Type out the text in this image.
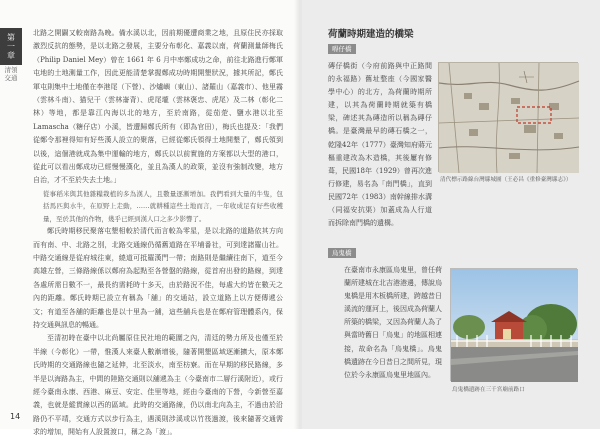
第
一
章
清領交通

北路之開闢又較南路為晚。備水溪以北，因前期優遭商業之地，且原住民亦採取激烈反抗的態勢，是以北路之發展，主要分布彰化、嘉義以南，荷蘭測量師梅氏（Philip Daniel Mey）曾在 1661 年 6 月中率鄭成功之命，前往北路進行鄭軍屯地的土地測量工作，因此更能清楚掌握鄭成功時期開墾狀況，據其所記，鄭氏軍屯則集中土地僅在李港尾（下營）、沙爐嶼（東山）、諸羅山（嘉義市）、他里霧（雲林斗南）、猫兒干（雲林崙背）、虎尾壠（雲林褒忠、虎尾）及二林（彰化二林）等地，都是靠江內海以北的地方，至於南路，從茄萣、鹽水港以北至 Lamascha（糖仔店）小溪，皆遭歸鄭氏所有（即為官田），梅氏也提及：「我們從鄭令那裡得知有好些漢人設立的聚落，已經從鄭氏領得土地開墾了，鄭氏領到以後，這個港就成為集中運輸的地方，鄭氏以以前實施的方案都以大型的港口，從此可以看出鄭成功已經慢慢漢化，並且為漢人的政策，並沒有強制改變，地方自治，才不至於失去土地。」

從事稻米與其他雜糧栽植的多為漢人，且數量逐漸增加。我們看到大量的牛隻，包括馬匹與水牛，在原野上走動，……就耕種這些土地而言，一年收成足有好些收穫量，至於其他的作物，幾乎已經到漢人口之多少影響了。

鄭氏時期移民聚落屯墾相較於清代而言較為零星，是以北路的道路依其方向而有南、中、北路之別，北路交通線仍循舊道路在平埔番社，可到達諸羅山社。中路交通線是從府城往東，繞道可抵羅漢門一帶；南路則是繼續往南下，道至今高雄左營，三條路線係以鄭府為起點至各營盤的路線，從首府出發的路線，到達各處所需日數不一，最長約需耗時十多天，由於路況不佳，每處大約皆在數天之內的距離。鄭氏時期已設立有稱為「舖」的交通站，設立道路上以方便傳遞公文；有道至各舖的距離也是以十里為一舖，這些舖兵也是在鄭府管理體系內，保持交通與訊息的暢通。

至清初時在臺中以北尚屬原住民社地的範圍之內，清廷的勢力所及也僅至於半線（今彰化）一帶，惟漢人來臺人數漸增後，隨著開墾區域逐漸擴大，原本鄭氏時期的交通路線也隨之延伸，北至淡水，南至枋寮。而在早期的移民路線，多半是以海路為主，中間的陸路交通則以舖遞為主（今臺南市二層行溪附近），或行經今臺南永康、西港、麻豆、安定、佳里等地，經由今臺南的下營，今新營至嘉義，也就是縱貫線以西的區域。此時的交通路線，仍以南北向為主，不過由於沿路仍不平靖，交通方式以步行為主，遇溪則涉溪或以竹筏過渡，後來隨著交通需求的增加，開始有人設置渡口，稱之為「渡」。

14
荷蘭時期建造的橋梁
嘚仔橋
磚仔橋街（今府前路與中正路間的永福路）舊址整座（今國家醫學中心）的北方，為荷蘭時期所建，以其為荷蘭時期就築有橋梁，碑述其為磚造所以稱為磚仔橋。是臺灣最早的磚石橋之一，乾隆42年（1777）臺灣知府蔣元樞重建改為木造橋，其後屢有修葺，民國18年（1929）曾再次進行修建，易名為「南門橋」，直到民國72年（1983）南幹線排水溝（同福安抗渠）加蓋成為人行道而拆除南門橋的遺構。
清代標示路線台灣縣城圖（王必昌《重修臺灣縣志》）
烏鬼橋
在臺南市永康區烏鬼里，曾任荷蘭所建城在北吉港港邊，傳說烏鬼橋是用木板橋所建，跨越昔日溪流的運河上，後因成為荷蘭人所築的橋梁，又因為荷蘭人為了與當時舊日「烏鬼」的地區相連接，故命名為「烏鬼橋」。烏鬼橋遺跡在今日昔日之間所見，現位於今永康區烏鬼里地區內。
烏鬼橋遺跡在三千宮廟前路口
